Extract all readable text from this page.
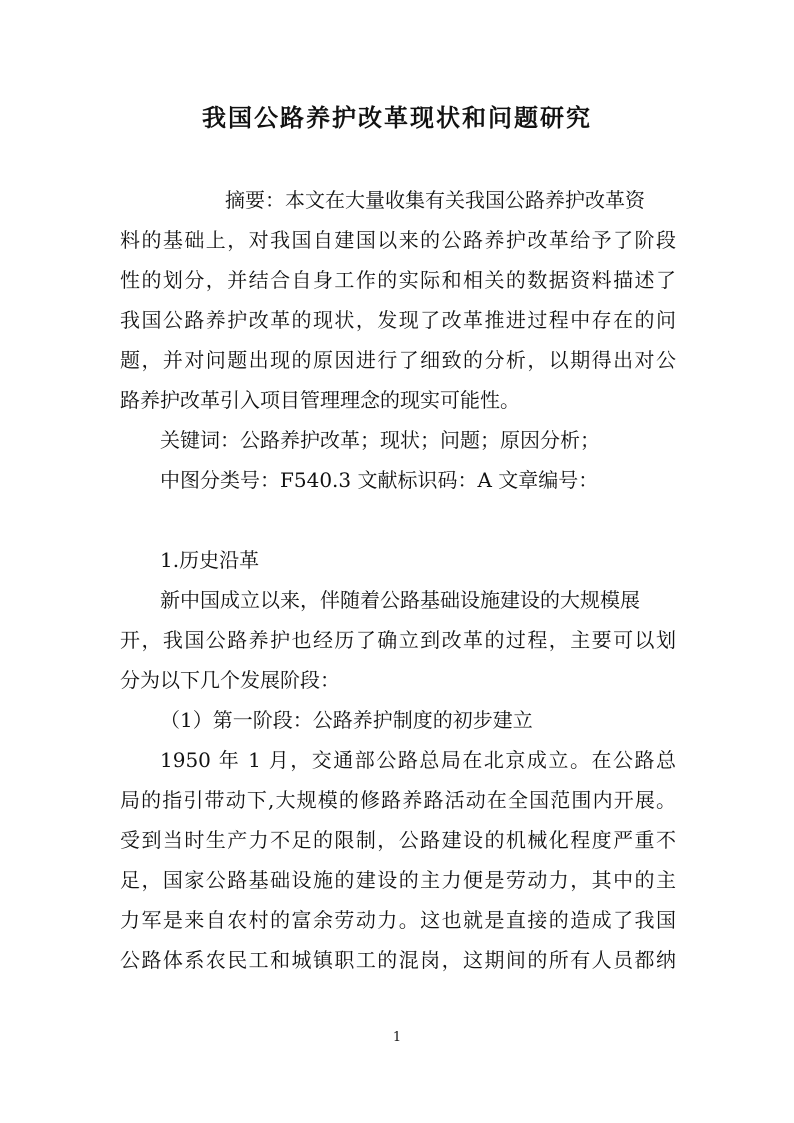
我国公路养护改革现状和问题研究
摘要：本文在大量收集有关我国公路养护改革资
料的基础上，对我国自建国以来的公路养护改革给予了阶段
性的划分，并结合自身工作的实际和相关的数据资料描述了
我国公路养护改革的现状，发现了改革推进过程中存在的问
题，并对问题出现的原因进行了细致的分析，以期得出对公
路养护改革引入项目管理理念的现实可能性。
关键词：公路养护改革；现状；问题；原因分析；
中图分类号：F540.3 文献标识码：A 文章编号：
1.历史沿革
新中国成立以来，伴随着公路基础设施建设的大规模展
开，我国公路养护也经历了确立到改革的过程，主要可以划
分为以下几个发展阶段：
（1）第一阶段：公路养护制度的初步建立
1950 年 1 月，交通部公路总局在北京成立。在公路总
局的指引带动下,大规模的修路养路活动在全国范围内开展。
受到当时生产力不足的限制，公路建设的机械化程度严重不
足，国家公路基础设施的建设的主力便是劳动力，其中的主
力军是来自农村的富余劳动力。这也就是直接的造成了我国
公路体系农民工和城镇职工的混岗，这期间的所有人员都纳
1
